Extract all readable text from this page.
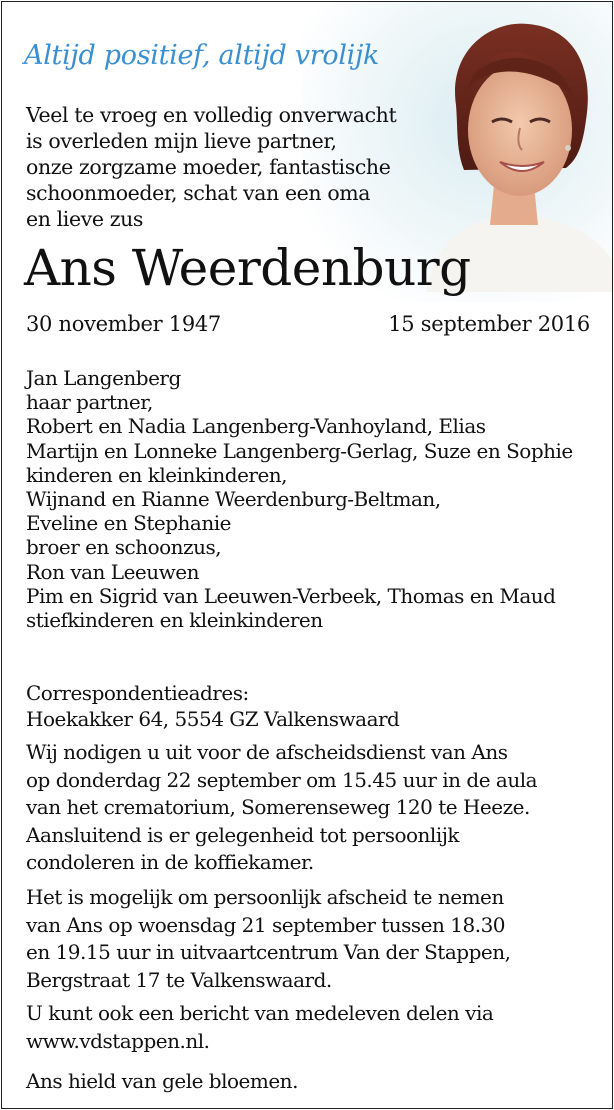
Altijd positief, altijd vrolijk

Veel te vroeg en volledig onverwacht
is overleden mijn lieve partner,
onze zorgzame moeder, fantastische
schoonmoeder, schat van een oma
en lieve zus

Ans Weerdenburg
30 november 1947	15 september 2016
Jan Langenberg
haar partner,
Robert en Nadia Langenberg-Vanhoyland, Elias
Martijn en Lonneke Langenberg-Gerlag, Suze en Sophie
kinderen en kleinkinderen,
Wijnand en Rianne Weerdenburg-Beltman,
Eveline en Stephanie
broer en schoonzus,
Ron van Leeuwen
Pim en Sigrid van Leeuwen-Verbeek, Thomas en Maud
stiefkinderen en kleinkinderen
Correspondentieadres:
Hoekakker 64, 5554 GZ Valkenswaard

Wij nodigen u uit voor de afscheidsdienst van Ans
op donderdag 22 september om 15.45 uur in de aula
van het crematorium, Somerenseweg 120 te Heeze.
Aansluitend is er gelegenheid tot persoonlijk
condoleren in de koffiekamer.

Het is mogelijk om persoonlijk afscheid te nemen
van Ans op woensdag 21 september tussen 18.30
en 19.15 uur in uitvaartcentrum Van der Stappen,
Bergstraat 17 te Valkenswaard.

U kunt ook een bericht van medeleven delen via
www.vdstappen.nl.

Ans hield van gele bloemen.
